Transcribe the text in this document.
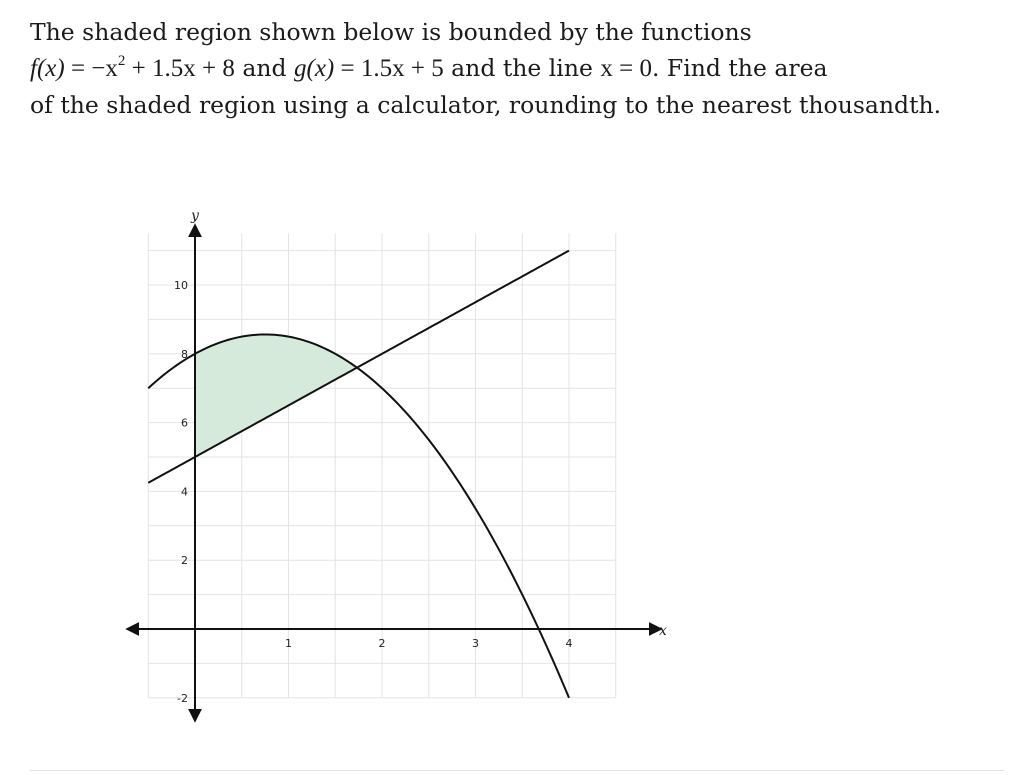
The shaded region shown below is bounded by the functions
$f(x) = -x^2 + 1.5x + 8$ and g(x) = 1.5x + 5 and the line x = 0. Find the area
of the shaded region using a calculator, rounding to the nearest thousandth.
x
y
1	2	3	4
-2
2
4
6
8
10
